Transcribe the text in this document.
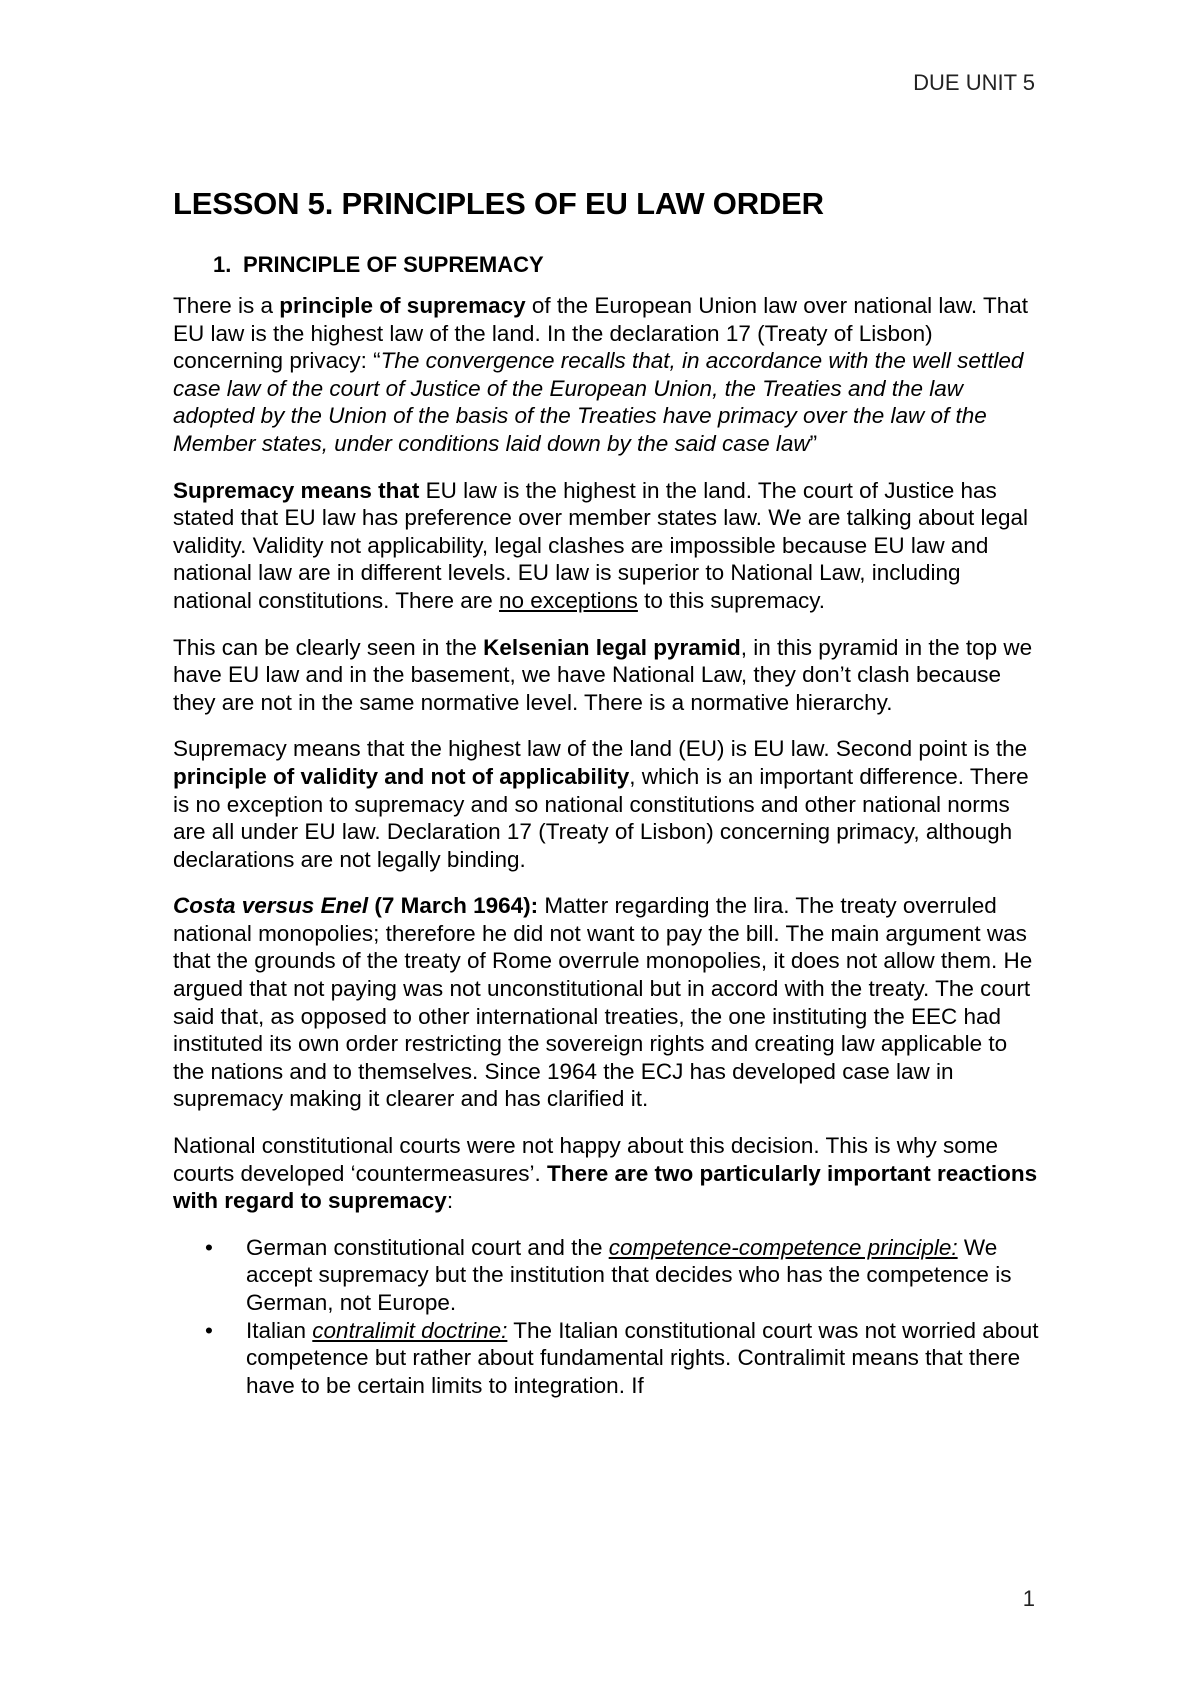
DUE UNIT 5
LESSON 5. PRINCIPLES OF EU LAW ORDER
1. PRINCIPLE OF SUPREMACY

There is a principle of supremacy of the European Union law over national law. That EU law is the highest law of the land. In the declaration 17 (Treaty of Lisbon) concerning privacy: “The convergence recalls that, in accordance with the well settled case law of the court of Justice of the European Union, the Treaties and the law adopted by the Union of the basis of the Treaties have primacy over the law of the Member states, under conditions laid down by the said case law”

Supremacy means that EU law is the highest in the land. The court of Justice has stated that EU law has preference over member states law. We are talking about legal validity. Validity not applicability, legal clashes are impossible because EU law and national law are in different levels. EU law is superior to National Law, including national constitutions. There are no exceptions to this supremacy.

This can be clearly seen in the Kelsenian legal pyramid, in this pyramid in the top we have EU law and in the basement, we have National Law, they don’t clash because they are not in the same normative level. There is a normative hierarchy.

Supremacy means that the highest law of the land (EU) is EU law. Second point is the principle of validity and not of applicability, which is an important difference. There is no exception to supremacy and so national constitutions and other national norms are all under EU law. Declaration 17 (Treaty of Lisbon) concerning primacy, although declarations are not legally binding.

Costa versus Enel (7 March 1964): Matter regarding the lira. The treaty overruled national monopolies; therefore he did not want to pay the bill. The main argument was that the grounds of the treaty of Rome overrule monopolies, it does not allow them. He argued that not paying was not unconstitutional but in accord with the treaty. The court said that, as opposed to other international treaties, the one instituting the EEC had instituted its own order restricting the sovereign rights and creating law applicable to the nations and to themselves. Since 1964 the ECJ has developed case law in supremacy making it clearer and has clarified it.

National constitutional courts were not happy about this decision. This is why some courts developed ‘countermeasures’. There are two particularly important reactions with regard to supremacy:

• German constitutional court and the competence-competence principle: We accept supremacy but the institution that decides who has the competence is German, not Europe.
• Italian contralimit doctrine: The Italian constitutional court was not worried about competence but rather about fundamental rights. Contralimit means that there have to be certain limits to integration. If
1
